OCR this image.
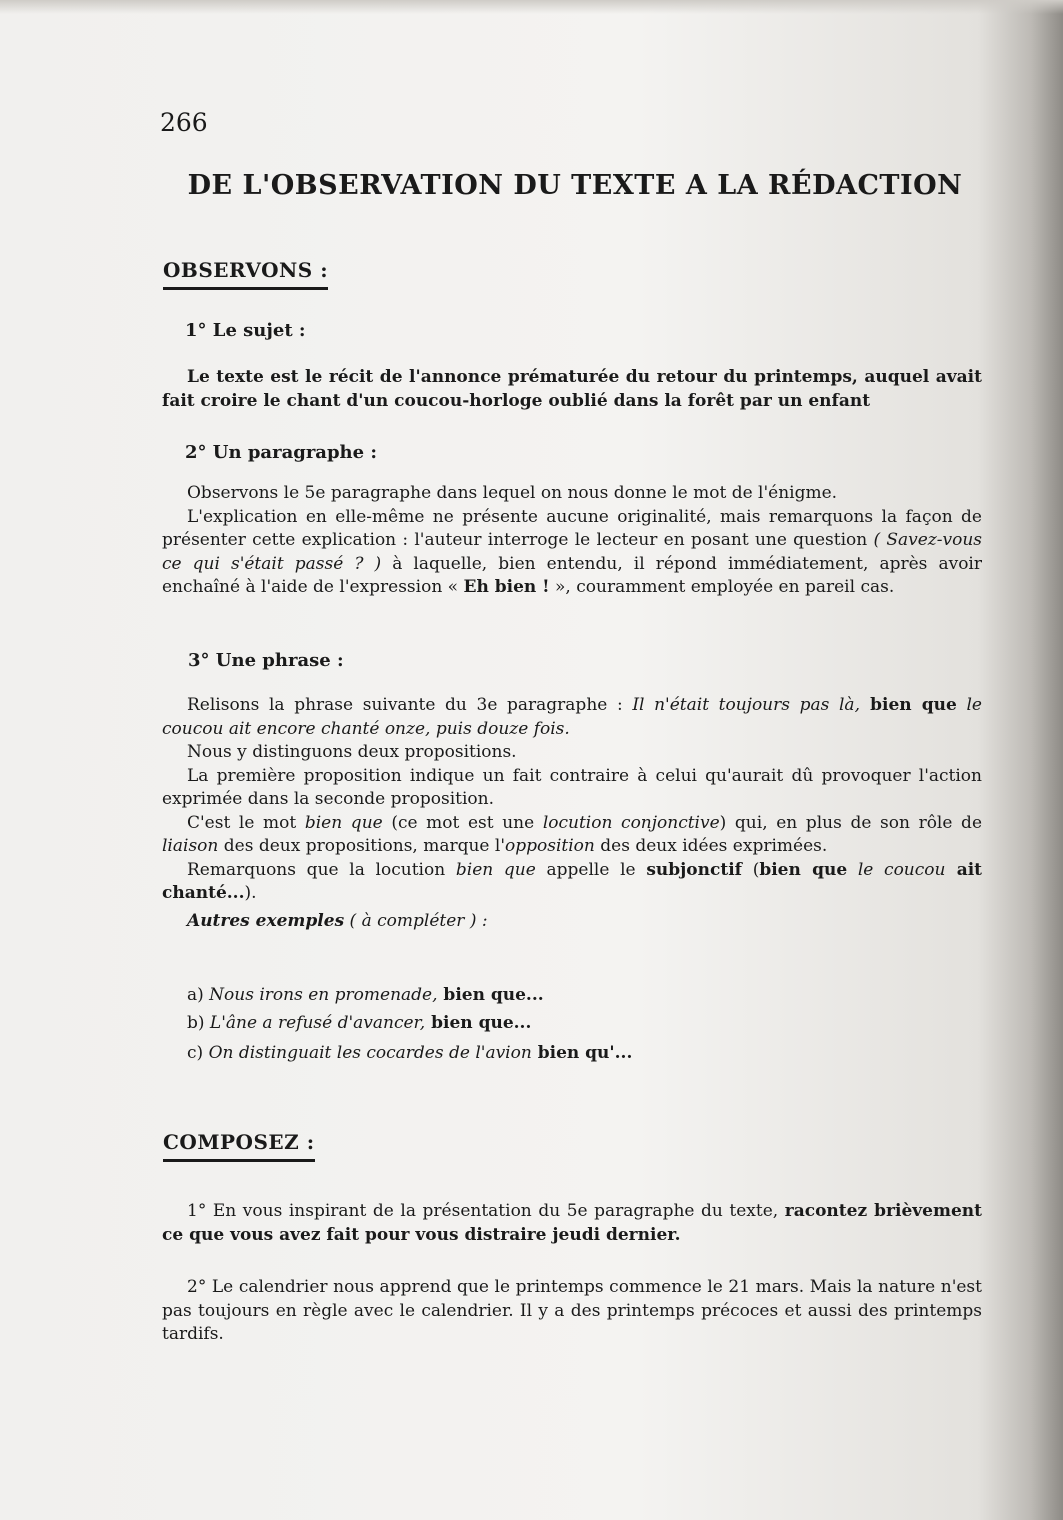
266
DE L'OBSERVATION DU TEXTE A LA RÉDACTION
OBSERVONS :
1° Le sujet :

Le texte est le récit de l'annonce prématurée du retour du printemps, auquel avait fait croire le chant d'un coucou-horloge oublié dans la forêt par un enfant

2° Un paragraphe :

Observons le 5e paragraphe dans lequel on nous donne le mot de l'énigme.

L'explication en elle-même ne présente aucune originalité, mais remarquons la façon de présenter cette explication : l'auteur interroge le lecteur en posant une question ( Savez-vous ce qui s'était passé ? ) à laquelle, bien entendu, il répond immédiatement, après avoir enchaîné à l'aide de l'expression « Eh bien ! », couramment employée en pareil cas.

3° Une phrase :

Relisons la phrase suivante du 3e paragraphe : Il n'était toujours pas là, bien que le coucou ait encore chanté onze, puis douze fois.

Nous y distinguons deux propositions.

La première proposition indique un fait contraire à celui qu'aurait dû provoquer l'action exprimée dans la seconde proposition.

C'est le mot bien que (ce mot est une locution conjonctive) qui, en plus de son rôle de liaison des deux propositions, marque l'opposition des deux idées exprimées.

Remarquons que la locution bien que appelle le subjonctif (bien que le coucou ait chanté...).

Autres exemples ( à compléter ) :

a) Nous irons en promenade, bien que...
b) L'âne a refusé d'avancer, bien que...
c) On distinguait les cocardes de l'avion bien qu'...
COMPOSEZ :

1° En vous inspirant de la présentation du 5e paragraphe du texte, racontez brièvement ce que vous avez fait pour vous distraire jeudi dernier.

2° Le calendrier nous apprend que le printemps commence le 21 mars. Mais la nature n'est pas toujours en règle avec le calendrier. Il y a des printemps précoces et aussi des printemps tardifs.
